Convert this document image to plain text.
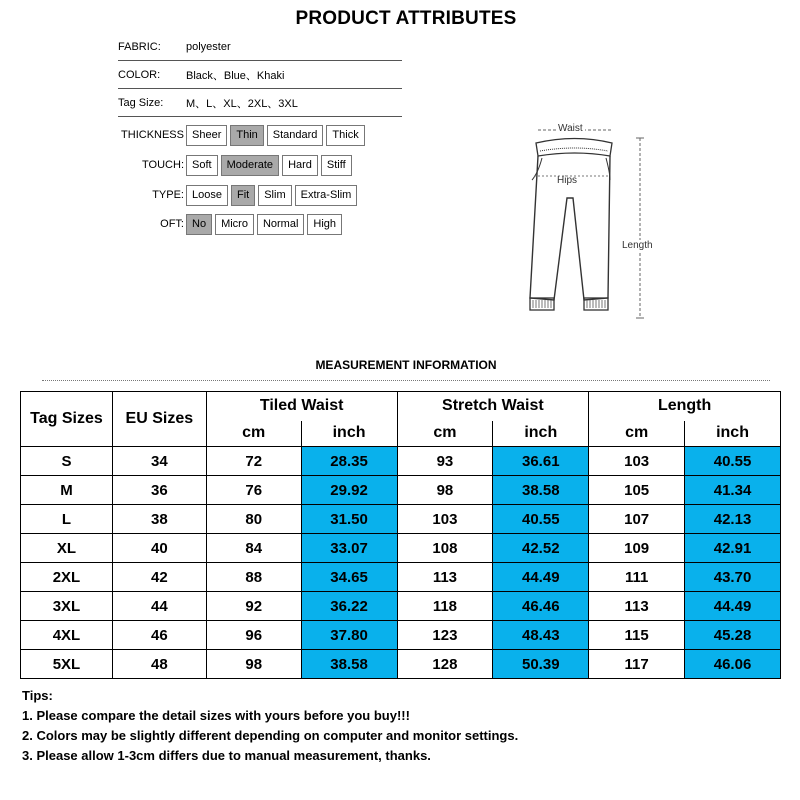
PRODUCT ATTRIBUTES
FABRIC:	polyester
COLOR:	Black、Blue、Khaki
Tag Size:	M、L、XL、2XL、3XL
THICKNESS Sheer	Thin	Standard	Thick
TOUCH: Soft	Moderate	Hard	Stiff
TYPE: Loose	Fit	Slim	Extra-Slim
OFT: No	Micro	Normal	High
Waist
Hips
Length
MEASUREMENT INFORMATION
Tag Sizes	EU Sizes	Tiled Waist		Stretch Waist		Length	
		cm	inch	cm	inch	cm	inch
S	34	72	28.35	93	36.61	103	40.55
M	36	76	29.92	98	38.58	105	41.34
L	38	80	31.50	103	40.55	107	42.13
XL	40	84	33.07	108	42.52	109	42.91
2XL	42	88	34.65	113	44.49	111	43.70
3XL	44	92	36.22	118	46.46	113	44.49
4XL	46	96	37.80	123	48.43	115	45.28
5XL	48	98	38.58	128	50.39	117	46.06
Tips:
1. Please compare the detail sizes with yours before you buy!!!
2. Colors may be slightly different depending on computer and monitor settings.
3. Please allow 1-3cm differs due to manual measurement, thanks.
